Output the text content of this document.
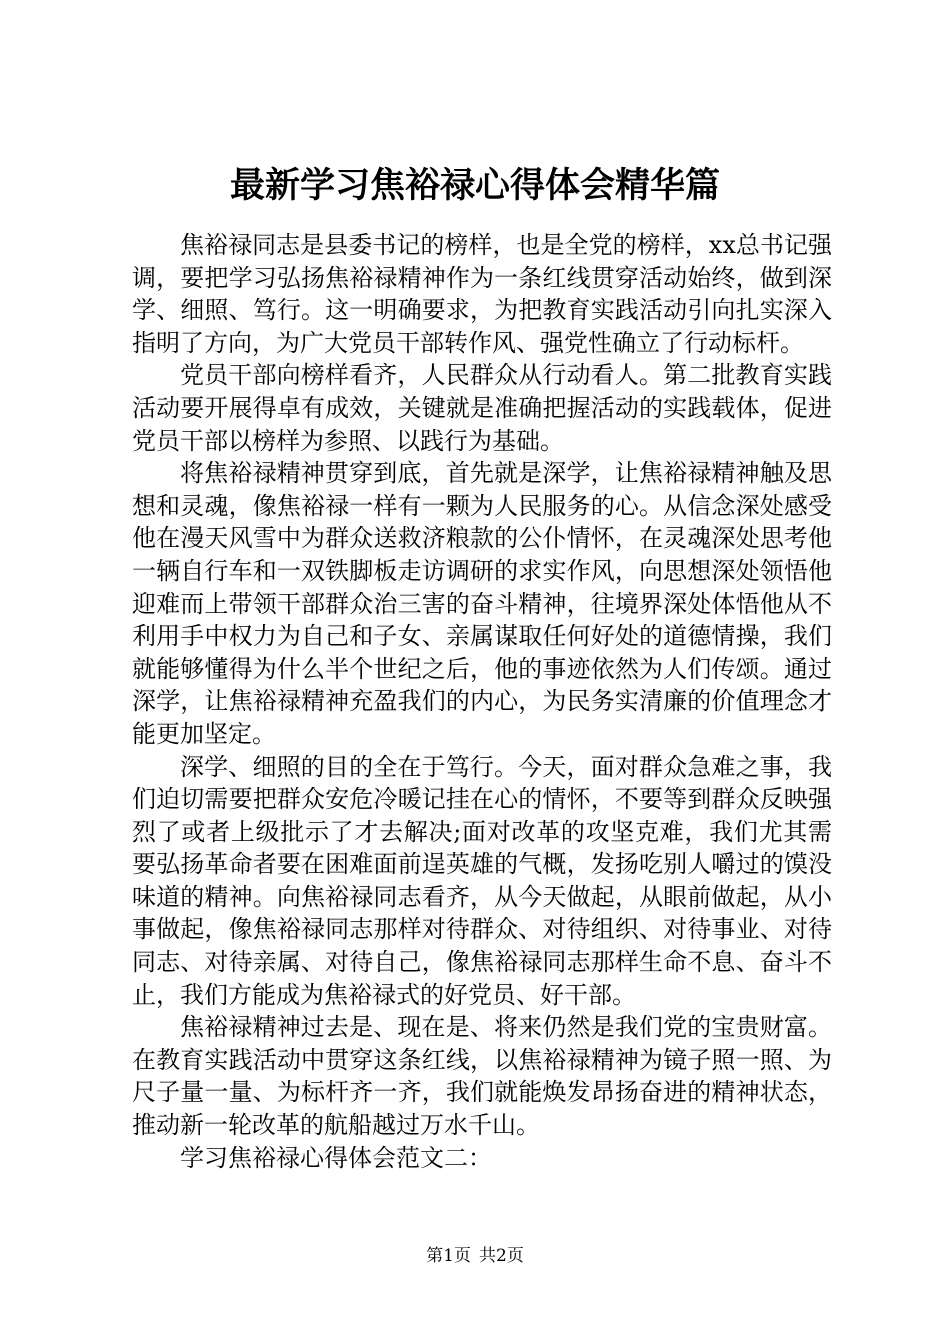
最新学习焦裕禄心得体会精华篇

焦裕禄同志是县委书记的榜样，也是全党的榜样，xx总书记强调，要把学习弘扬焦裕禄精神作为一条红线贯穿活动始终，做到深学、细照、笃行。这一明确要求，为把教育实践活动引向扎实深入指明了方向，为广大党员干部转作风、强党性确立了行动标杆。

党员干部向榜样看齐，人民群众从行动看人。第二批教育实践活动要开展得卓有成效，关键就是准确把握活动的实践载体，促进党员干部以榜样为参照、以践行为基础。

将焦裕禄精神贯穿到底，首先就是深学，让焦裕禄精神触及思想和灵魂，像焦裕禄一样有一颗为人民服务的心。从信念深处感受他在漫天风雪中为群众送救济粮款的公仆情怀，在灵魂深处思考他一辆自行车和一双铁脚板走访调研的求实作风，向思想深处领悟他迎难而上带领干部群众治三害的奋斗精神，往境界深处体悟他从不利用手中权力为自己和子女、亲属谋取任何好处的道德情操，我们就能够懂得为什么半个世纪之后，他的事迹依然为人们传颂。通过深学，让焦裕禄精神充盈我们的内心，为民务实清廉的价值理念才能更加坚定。

深学、细照的目的全在于笃行。今天，面对群众急难之事，我们迫切需要把群众安危冷暖记挂在心的情怀，不要等到群众反映强烈了或者上级批示了才去解决;面对改革的攻坚克难，我们尤其需要弘扬革命者要在困难面前逞英雄的气概，发扬吃别人嚼过的馍没味道的精神。向焦裕禄同志看齐，从今天做起，从眼前做起，从小事做起，像焦裕禄同志那样对待群众、对待组织、对待事业、对待同志、对待亲属、对待自己，像焦裕禄同志那样生命不息、奋斗不止，我们方能成为焦裕禄式的好党员、好干部。

焦裕禄精神过去是、现在是、将来仍然是我们党的宝贵财富。在教育实践活动中贯穿这条红线，以焦裕禄精神为镜子照一照、为尺子量一量、为标杆齐一齐，我们就能焕发昂扬奋进的精神状态，推动新一轮改革的航船越过万水千山。

学习焦裕禄心得体会范文二：

第1页 共2页
